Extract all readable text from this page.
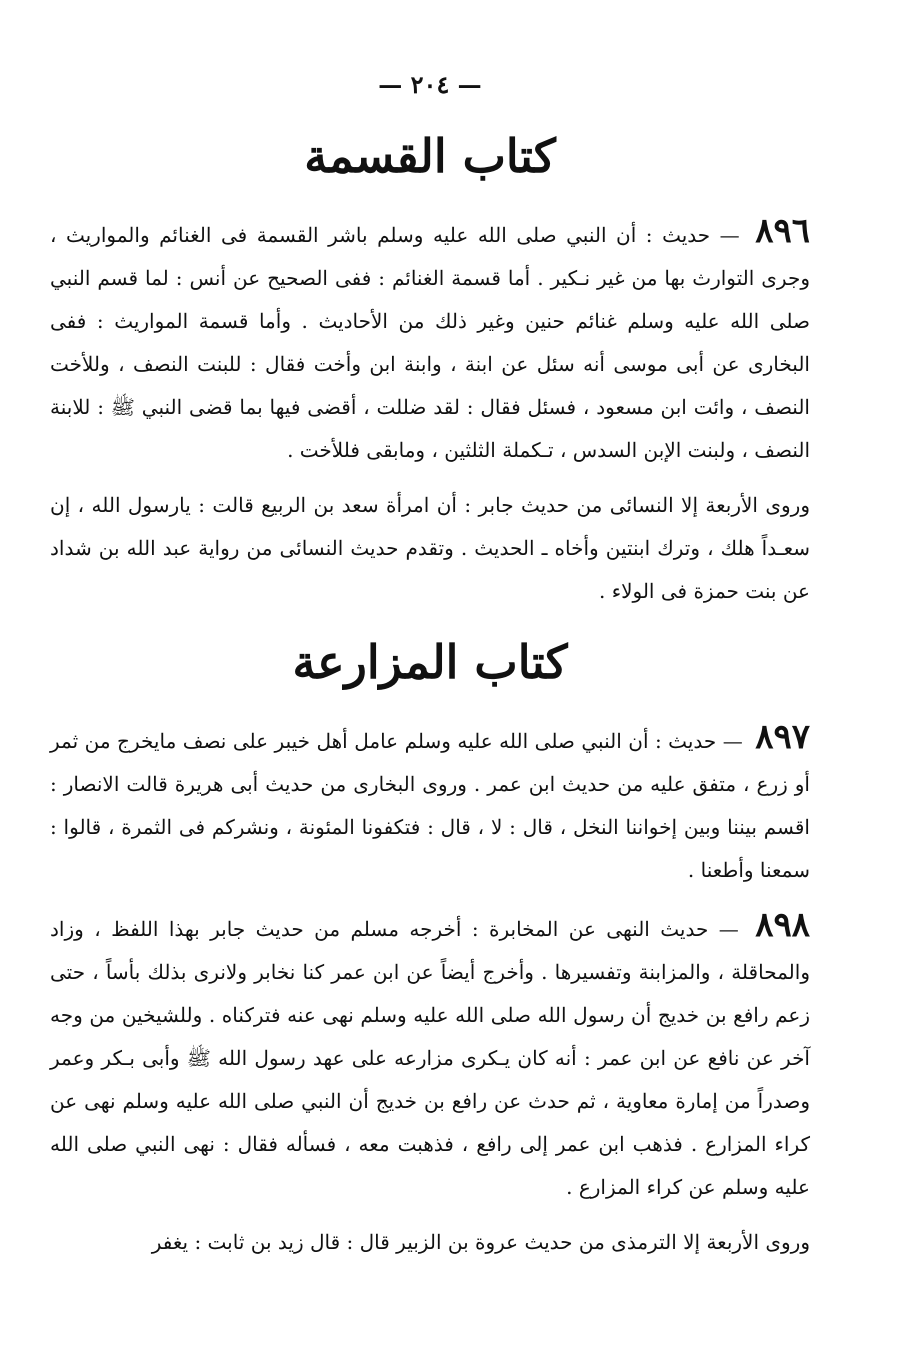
— ٢٠٤ —
كتاب القسمة

٨٩٦ — حديث : أن النبي صلى الله عليه وسلم باشر القسمة فى الغنائم والمواريث ، وجرى التوارث بها من غير نـكير . أما قسمة الغنائم : ففى الصحيح عن أنس : لما قسم النبي صلى الله عليه وسلم غنائم حنين وغير ذلك من الأحاديث . وأما قسمة المواريث : ففى البخارى عن أبى موسى أنه سئل عن ابنة ، وابنة ابن وأخت فقال : للبنت النصف ، وللأخت النصف ، وائت ابن مسعود ، فسئل فقال : لقد ضللت ، أقضى فيها بما قضى النبي ﷺ : للابنة النصف ، ولبنت الإبن السدس ، تـكملة الثلثين ، ومابقى فللأخت .

وروى الأربعة إلا النسائى من حديث جابر : أن امرأة سعد بن الربيع قالت : يارسول الله ، إن سعـداً هلك ، وترك ابنتين وأخاه ـ الحديث . وتقدم حديث النسائى من رواية عبد الله بن شداد عن بنت حمزة فى الولاء .

كتاب المزارعة

٨٩٧ — حديث : أن النبي صلى الله عليه وسلم عامل أهل خيبر على نصف مايخرج من ثمر أو زرع ، متفق عليه من حديث ابن عمر . وروى البخارى من حديث أبى هريرة قالت الانصار : اقسم بيننا وبين إخواننا النخل ، قال : لا ، قال : فتكفونا المئونة ، ونشركم فى الثمرة ، قالوا : سمعنا وأطعنا .

٨٩٨ — حديث النهى عن المخابرة : أخرجه مسلم من حديث جابر بهذا اللفظ ، وزاد والمحاقلة ، والمزابنة وتفسيرها . وأخرج أيضاً عن ابن عمر كنا نخابر ولانرى بذلك بأساً ، حتى زعم رافع بن خديج أن رسول الله صلى الله عليه وسلم نهى عنه فتركناه . وللشيخين من وجه آخر عن نافع عن ابن عمر : أنه كان يـكرى مزارعه على عهد رسول الله ﷺ وأبى بـكر وعمر وصدراً من إمارة معاوية ، ثم حدث عن رافع بن خديج أن النبي صلى الله عليه وسلم نهى عن كراء المزارع . فذهب ابن عمر إلى رافع ، فذهبت معه ، فسأله فقال : نهى النبي صلى الله عليه وسلم عن كراء المزارع .

وروى الأربعة إلا الترمذى من حديث عروة بن الزبير قال : قال زيد بن ثابت : يغفر
